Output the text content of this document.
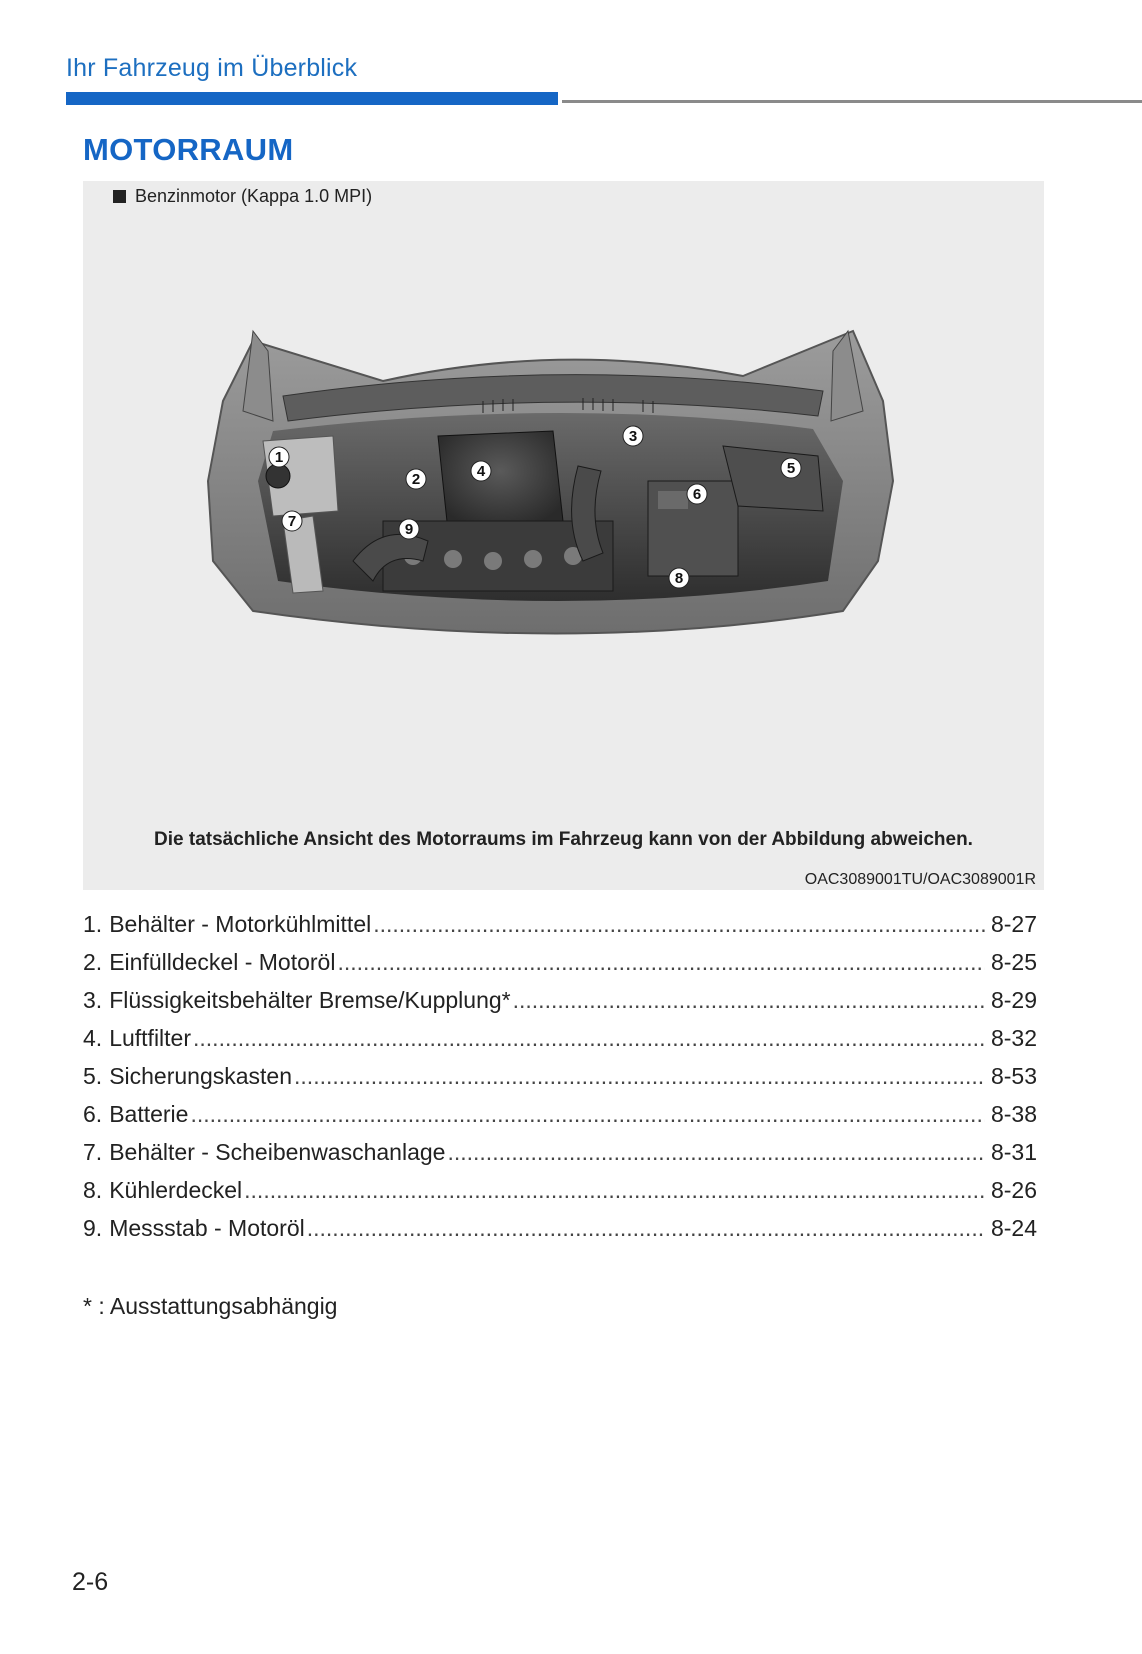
Ihr Fahrzeug im Überblick
MOTORRAUM
Benzinmotor (Kappa 1.0 MPI)
1
2
3
4	5
6
7
8
9
Die tatsächliche Ansicht des Motorraums im Fahrzeug kann von der Abbildung abweichen.
OAC3089001TU/OAC3089001R
1. Behälter - Motorkühlmittel .....	8-27
2. Einfülldeckel - Motoröl .....	8-25
3. Flüssigkeitsbehälter Bremse/Kupplung* .....	8-29
4. Luftfilter .....	8-32
5. Sicherungskasten .....	8-53
6. Batterie .....	8-38
7. Behälter - Scheibenwaschanlage .....	8-31
8. Kühlerdeckel .....	8-26
9. Messstab - Motoröl .....	8-24
* : Ausstattungsabhängig
2-6
